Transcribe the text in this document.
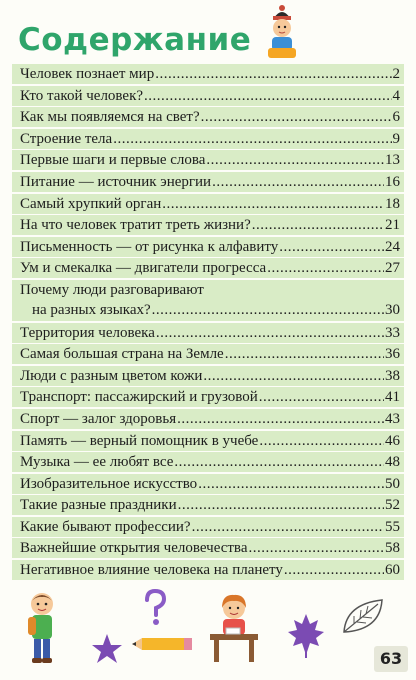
Содержание
Человек познает мир .....	2
Кто такой человек? .....	4
Как мы появляемся на свет? .....	6
Строение тела .....	9
Первые шаги и первые слова .....	13
Питание — источник энергии .....	16
Самый хрупкий орган .....	18
На что человек тратит треть жизни? .....	21
Письменность — от рисунка к алфавиту .....	24
Ум и смекалка — двигатели прогресса .....	27
Почему люди разговаривают
на разных языках? .....	30
Территория человека .....	33
Самая большая страна на Земле .....	36
Люди с разным цветом кожи .....	38
Транспорт: пассажирский и грузовой .....	41
Спорт — залог здоровья .....	43
Память — верный помощник в учебе .....	46
Музыка — ее любят все .....	48
Изобразительное искусство .....	50
Такие разные праздники .....	52
Какие бывают профессии? .....	55
Важнейшие открытия человечества .....	58
Негативное влияние человека на планету .....	60
63
